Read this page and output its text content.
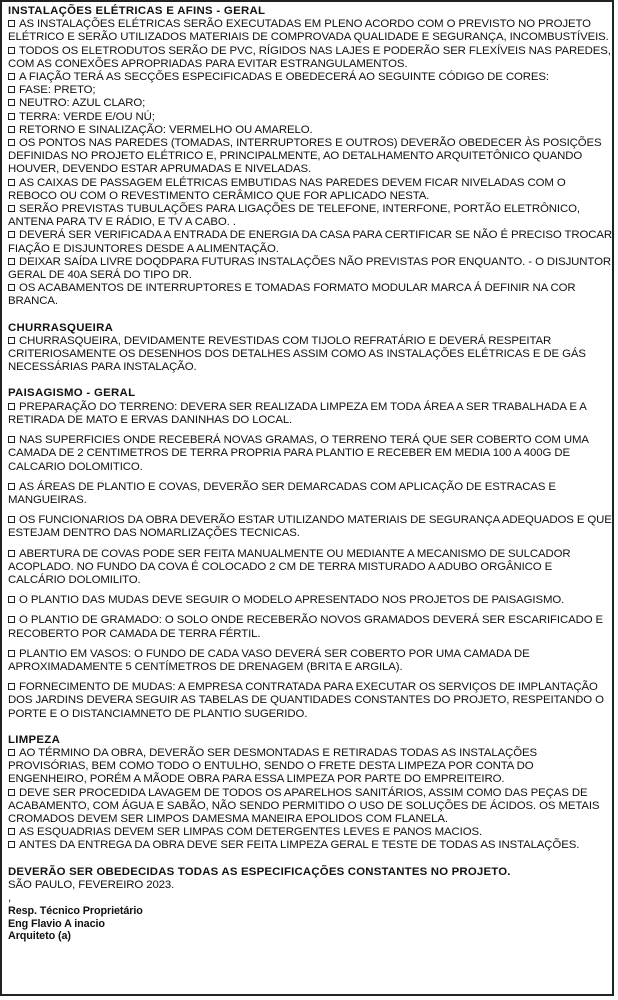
INSTALAÇÕES ELÉTRICAS E AFINS - GERAL
AS INSTALAÇÕES ELÉTRICAS SERÃO EXECUTADAS EM PLENO ACORDO COM O PREVISTO NO PROJETO ELÉTRICO E SERÃO UTILIZADOS MATERIAIS DE COMPROVADA QUALIDADE E SEGURANÇA, INCOMBUSTÍVEIS.
TODOS OS ELETRODUTOS SERÃO DE PVC, RÍGIDOS NAS LAJES E PODERÃO SER FLEXÍVEIS NAS PAREDES, COM AS CONEXÕES APROPRIADAS PARA EVITAR ESTRANGULAMENTOS.
A FIAÇÃO TERÁ AS SECÇÕES ESPECIFICADAS E OBEDECERÁ AO SEGUINTE CÓDIGO DE CORES:
FASE: PRETO;
NEUTRO: AZUL CLARO;
TERRA: VERDE E/OU NÚ;
RETORNO E SINALIZAÇÃO: VERMELHO OU AMARELO.
OS PONTOS NAS PAREDES (TOMADAS, INTERRUPTORES E OUTROS) DEVERÃO OBEDECER ÀS POSIÇÕES DEFINIDAS NO PROJETO ELÉTRICO E, PRINCIPALMENTE, AO DETALHAMENTO ARQUITETÔNICO QUANDO HOUVER, DEVENDO ESTAR APRUMADAS E NIVELADAS.
AS CAIXAS DE PASSAGEM ELÉTRICAS EMBUTIDAS NAS PAREDES DEVEM FICAR NIVELADAS COM O REBOCO OU COM O REVESTIMENTO CERÂMICO QUE FOR APLICADO NESTA.
SERÃO PREVISTAS TUBULAÇÕES PARA LIGAÇÕES DE TELEFONE, INTERFONE, PORTÃO ELETRÔNICO, ANTENA PARA TV E RÁDIO, E TV A CABO. .
DEVERÁ SER VERIFICADA A ENTRADA DE ENERGIA DA CASA PARA CERTIFICAR SE NÃO É PRECISO TROCAR FIAÇÃO E DISJUNTORES DESDE A ALIMENTAÇÃO.
DEIXAR SAÍDA LIVRE DOQDPARA FUTURAS INSTALAÇÕES NÃO PREVISTAS POR ENQUANTO. - O DISJUNTOR GERAL DE 40A SERÁ DO TIPO DR.
OS ACABAMENTOS DE INTERRUPTORES E TOMADAS FORMATO MODULAR MARCA Á DEFINIR NA COR BRANCA.
CHURRASQUEIRA
CHURRASQUEIRA, DEVIDAMENTE REVESTIDAS COM TIJOLO REFRATÁRIO E DEVERÁ RESPEITAR CRITERIOSAMENTE OS DESENHOS DOS DETALHES ASSIM COMO AS INSTALAÇÕES ELÉTRICAS E DE GÁS NECESSÁRIAS PARA INSTALAÇÃO.
PAISAGISMO - GERAL
PREPARAÇÃO DO TERRENO: DEVERA SER REALIZADA LIMPEZA EM TODA ÁREA A SER TRABALHADA E A RETIRADA DE MATO E ERVAS DANINHAS DO LOCAL.
NAS SUPERFICIES ONDE RECEBERÁ NOVAS GRAMAS, O TERRENO TERÁ QUE SER COBERTO COM UMA CAMADA DE 2 CENTIMETROS DE TERRA PROPRIA PARA PLANTIO E RECEBER EM MEDIA 100 A 400G DE CALCARIO DOLOMITICO.
AS ÁREAS DE PLANTIO E COVAS, DEVERÃO SER DEMARCADAS COM APLICAÇÃO DE ESTRACAS E MANGUEIRAS.
OS FUNCIONARIOS DA OBRA DEVERÃO ESTAR UTILIZANDO MATERIAIS DE SEGURANÇA ADEQUADOS E QUE ESTEJAM DENTRO DAS NOMARLIZAÇÕES TECNICAS.
ABERTURA DE COVAS PODE SER FEITA MANUALMENTE OU MEDIANTE A MECANISMO DE SULCADOR ACOPLADO. NO FUNDO DA COVA É COLOCADO 2 CM DE TERRA MISTURADO A ADUBO ORGÂNICO E CALCÁRIO DOLOMILITO.
O PLANTIO DAS MUDAS DEVE SEGUIR O MODELO APRESENTADO NOS PROJETOS DE PAISAGISMO.
O PLANTIO DE GRAMADO: O SOLO ONDE RECEBERÃO NOVOS GRAMADOS DEVERÁ SER ESCARIFICADO E RECOBERTO POR CAMADA DE TERRA FÉRTIL.
PLANTIO EM VASOS: O FUNDO DE CADA VASO DEVERÁ SER COBERTO POR UMA CAMADA DE APROXIMADAMENTE 5 CENTÍMETROS DE DRENAGEM (BRITA E ARGILA).
FORNECIMENTO DE MUDAS: A EMPRESA CONTRATADA PARA EXECUTAR OS SERVIÇOS DE IMPLANTAÇÃO DOS JARDINS DEVERA SEGUIR AS TABELAS DE QUANTIDADES CONSTANTES DO PROJETO, RESPEITANDO O PORTE E O DISTANCIAMNETO DE PLANTIO SUGERIDO.
LIMPEZA
AO TÉRMINO DA OBRA, DEVERÃO SER DESMONTADAS E RETIRADAS TODAS AS INSTALAÇÕES PROVISÓRIAS, BEM COMO TODO O ENTULHO, SENDO O FRETE DESTA LIMPEZA POR CONTA DO ENGENHEIRO, PORÉM A MÃODE OBRA PARA ESSA LIMPEZA POR PARTE DO EMPREITEIRO.
DEVE SER PROCEDIDA LAVAGEM DE TODOS OS APARELHOS SANITÁRIOS, ASSIM COMO DAS PEÇAS DE ACABAMENTO, COM ÁGUA E SABÃO, NÃO SENDO PERMITIDO O USO DE SOLUÇÕES DE ÁCIDOS. OS METAIS CROMADOS DEVEM SER LIMPOS DAMESMA MANEIRA EPOLIDOS COM FLANELA.
AS ESQUADRIAS DEVEM SER LIMPAS COM DETERGENTES LEVES E PANOS MACIOS.
ANTES DA ENTREGA DA OBRA DEVE SER FEITA LIMPEZA GERAL E TESTE DE TODAS AS INSTALAÇÕES.
DEVERÃO SER OBEDECIDAS TODAS AS ESPECIFICAÇÕES CONSTANTES NO PROJETO.
SÃO PAULO, FEVEREIRO 2023.
,
Resp. Técnico Proprietário
Eng Flavio A inacio
Arquiteto (a)
